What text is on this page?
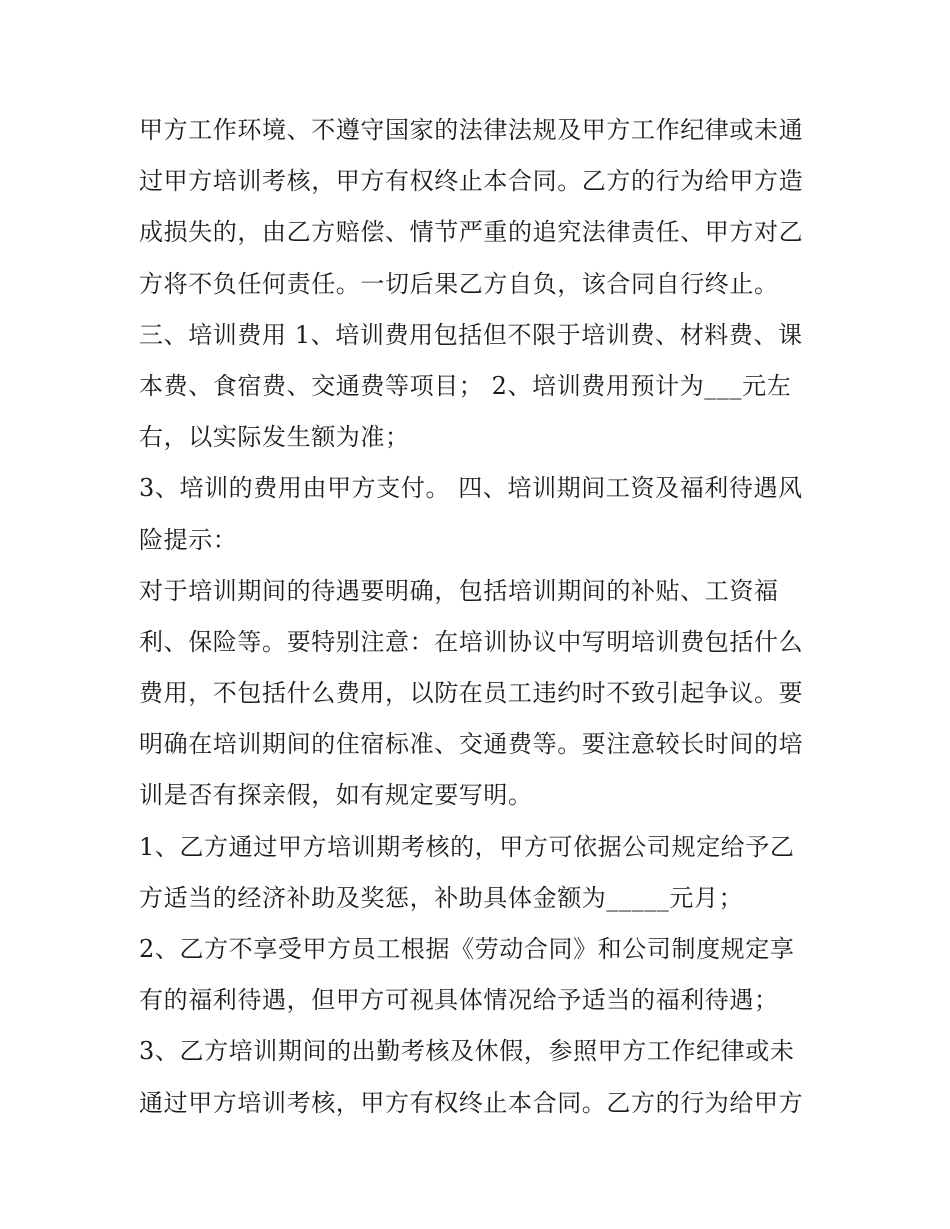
甲方工作环境、不遵守国家的法律法规及甲方工作纪律或未通
过甲方培训考核，甲方有权终止本合同。乙方的行为给甲方造
成损失的，由乙方赔偿、情节严重的追究法律责任、甲方对乙
方将不负任何责任。一切后果乙方自负，该合同自行终止。
三、培训费用 1、培训费用包括但不限于培训费、材料费、课
本费、食宿费、交通费等项目； 2、培训费用预计为___元左
右，以实际发生额为准；
3、培训的费用由甲方支付。 四、培训期间工资及福利待遇风
险提示：
对于培训期间的待遇要明确，包括培训期间的补贴、工资福
利、保险等。要特别注意：在培训协议中写明培训费包括什么
费用，不包括什么费用，以防在员工违约时不致引起争议。要
明确在培训期间的住宿标准、交通费等。要注意较长时间的培
训是否有探亲假，如有规定要写明。
1、乙方通过甲方培训期考核的，甲方可依据公司规定给予乙
方适当的经济补助及奖惩，补助具体金额为_____元月；
2、乙方不享受甲方员工根据《劳动合同》和公司制度规定享
有的福利待遇，但甲方可视具体情况给予适当的福利待遇；
3、乙方培训期间的出勤考核及休假，参照甲方工作纪律或未
通过甲方培训考核，甲方有权终止本合同。乙方的行为给甲方
